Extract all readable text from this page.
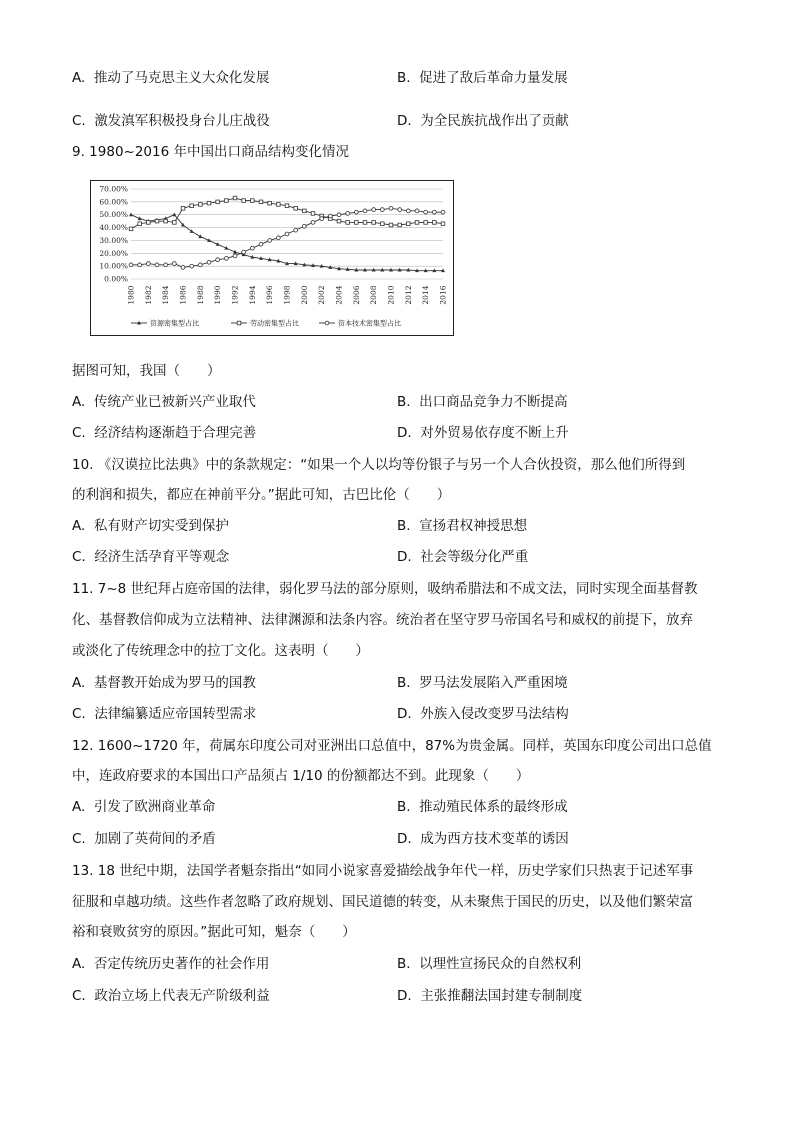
A. 推动了马克思主义大众化发展	B. 促进了敌后革命力量发展
C. 激发滇军积极投身台儿庄战役	D. 为全民族抗战作出了贡献
9. 1980~2016 年中国出口商品结构变化情况
0.00%
10.00%
20.00%
30.00%
40.00%
50.00%
60.00%
70.00%
1980 1982 1984 1986 1988 1990 1992 1994 1996 1998 2000 2002 2004 2006 2008 2010 2012 2014 2016
资源密集型占比	劳动密集型占比	资本技术密集型占比
据图可知，我国（　　）
A. 传统产业已被新兴产业取代	B. 出口商品竞争力不断提高
C. 经济结构逐渐趋于合理完善	D. 对外贸易依存度不断上升
10. 《汉谟拉比法典》中的条款规定：“如果一个人以均等份银子与另一个人合伙投资，那么他们所得到
的利润和损失，都应在神前平分。”据此可知，古巴比伦（　　）
A. 私有财产切实受到保护	B. 宣扬君权神授思想
C. 经济生活孕育平等观念	D. 社会等级分化严重
11. 7~8 世纪拜占庭帝国的法律，弱化罗马法的部分原则，吸纳希腊法和不成文法，同时实现全面基督教
化、基督教信仰成为立法精神、法律渊源和法条内容。统治者在坚守罗马帝国名号和威权的前提下，放弃
或淡化了传统理念中的拉丁文化。这表明（　　）
A. 基督教开始成为罗马的国教	B. 罗马法发展陷入严重困境
C. 法律编纂适应帝国转型需求	D. 外族入侵改变罗马法结构
12. 1600~1720 年，荷属东印度公司对亚洲出口总值中，87%为贵金属。同样，英国东印度公司出口总值
中，连政府要求的本国出口产品须占 1/10 的份额都达不到。此现象（　　）
A. 引发了欧洲商业革命	B. 推动殖民体系的最终形成
C. 加剧了英荷间的矛盾	D. 成为西方技术变革的诱因
13. 18 世纪中期，法国学者魁奈指出“如同小说家喜爱描绘战争年代一样，历史学家们只热衷于记述军事
征服和卓越功绩。这些作者忽略了政府规划、国民道德的转变，从未聚焦于国民的历史，以及他们繁荣富
裕和衰败贫穷的原因。”据此可知，魁奈（　　）
A. 否定传统历史著作的社会作用	B. 以理性宣扬民众的自然权利
C. 政治立场上代表无产阶级利益	D. 主张推翻法国封建专制制度
